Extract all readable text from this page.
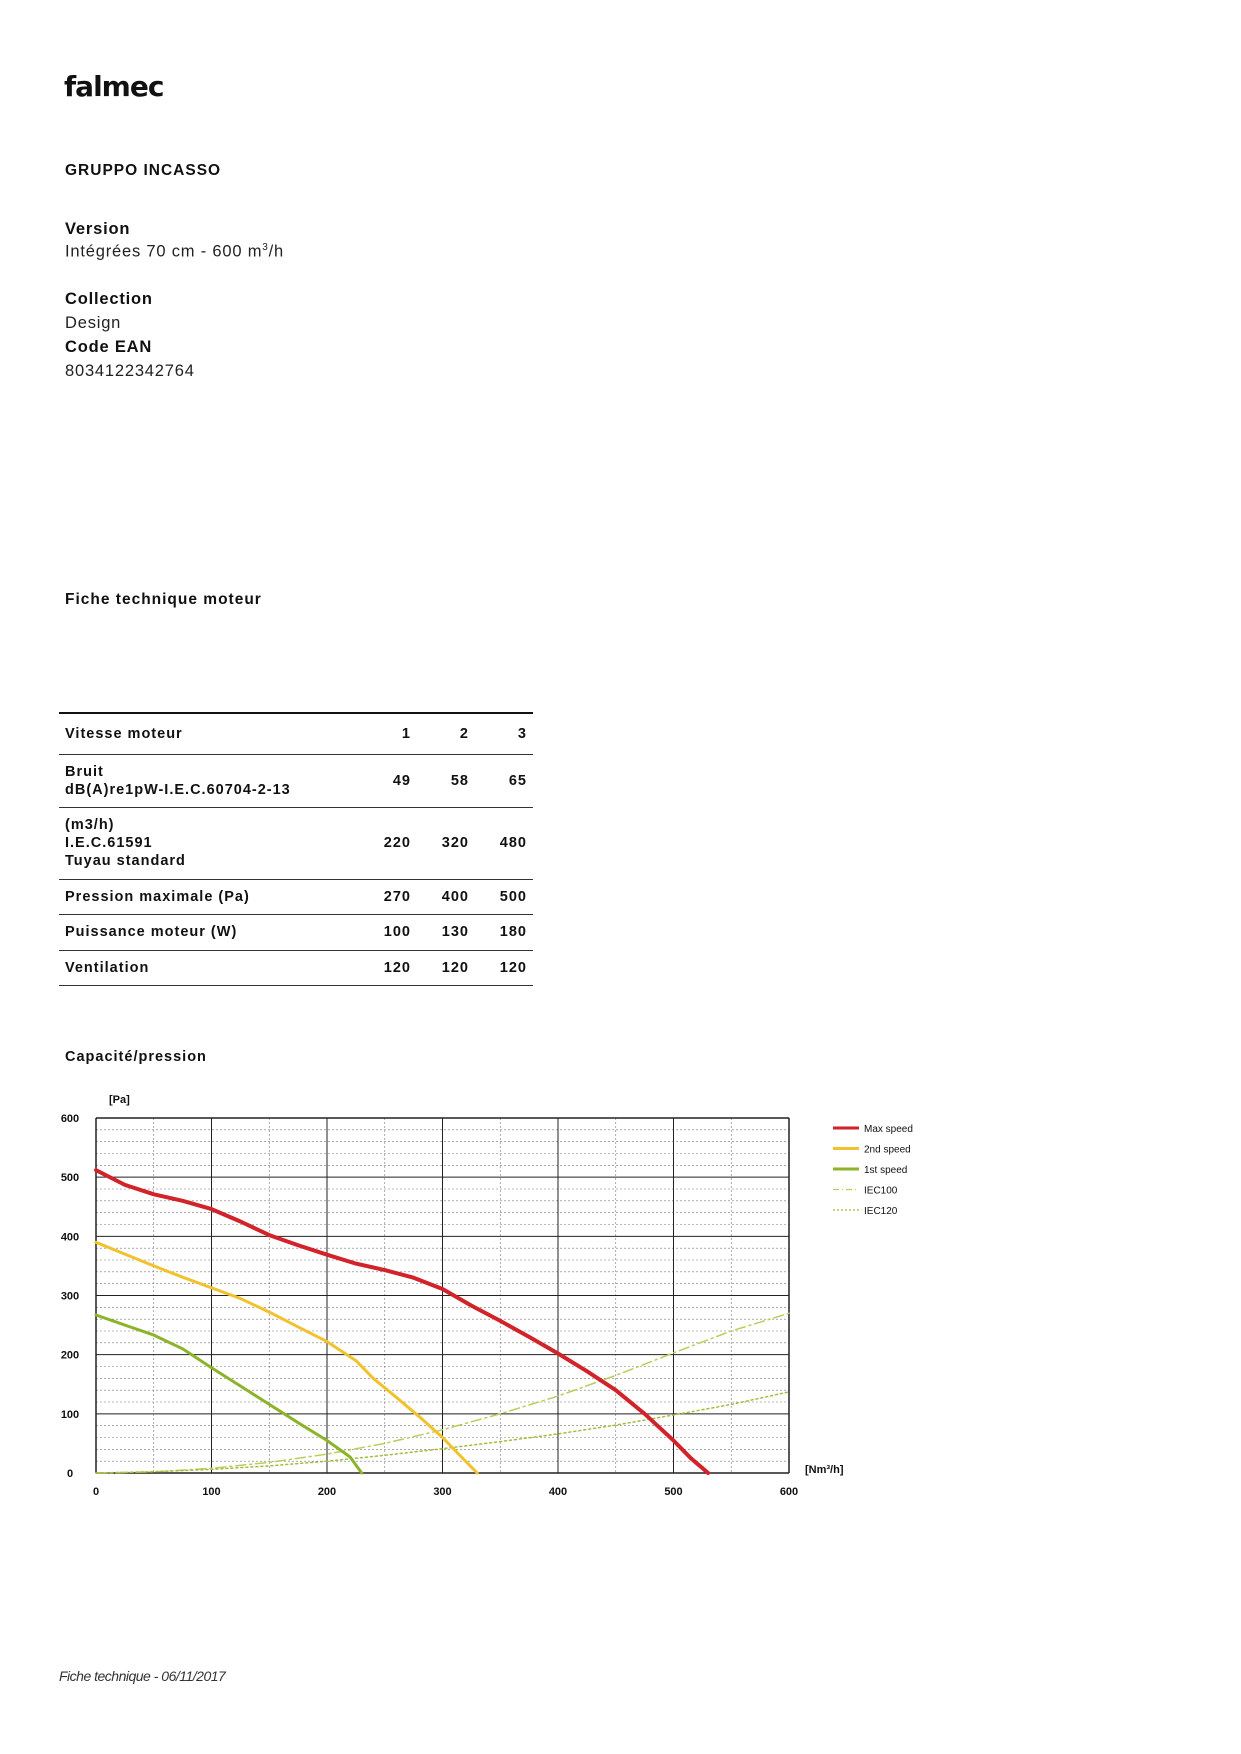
falmec
GRUPPO INCASSO
Version
Intégrées 70 cm - 600 $m^3/h$
Collection
Design
Code EAN
8034122342764
Fiche technique moteur
Vitesse moteur	1	2	3
Bruit
dB(A)re1pW-I.E.C.60704-2-13	49	58	65
(m3/h)
I.E.C.61591
Tuyau standard	220	320	480
Pression maximale (Pa)	270	400	500
Puissance moteur (W)	100	130	180
Ventilation	120	120	120
Capacité/pression
[Pa]
[Nm³/h]
0
100
200
300
400
500
600
0	100	200	300	400	500	600
Max speed
2nd speed
1st speed
IEC100
IEC120
Fiche technique - 06/11/2017
